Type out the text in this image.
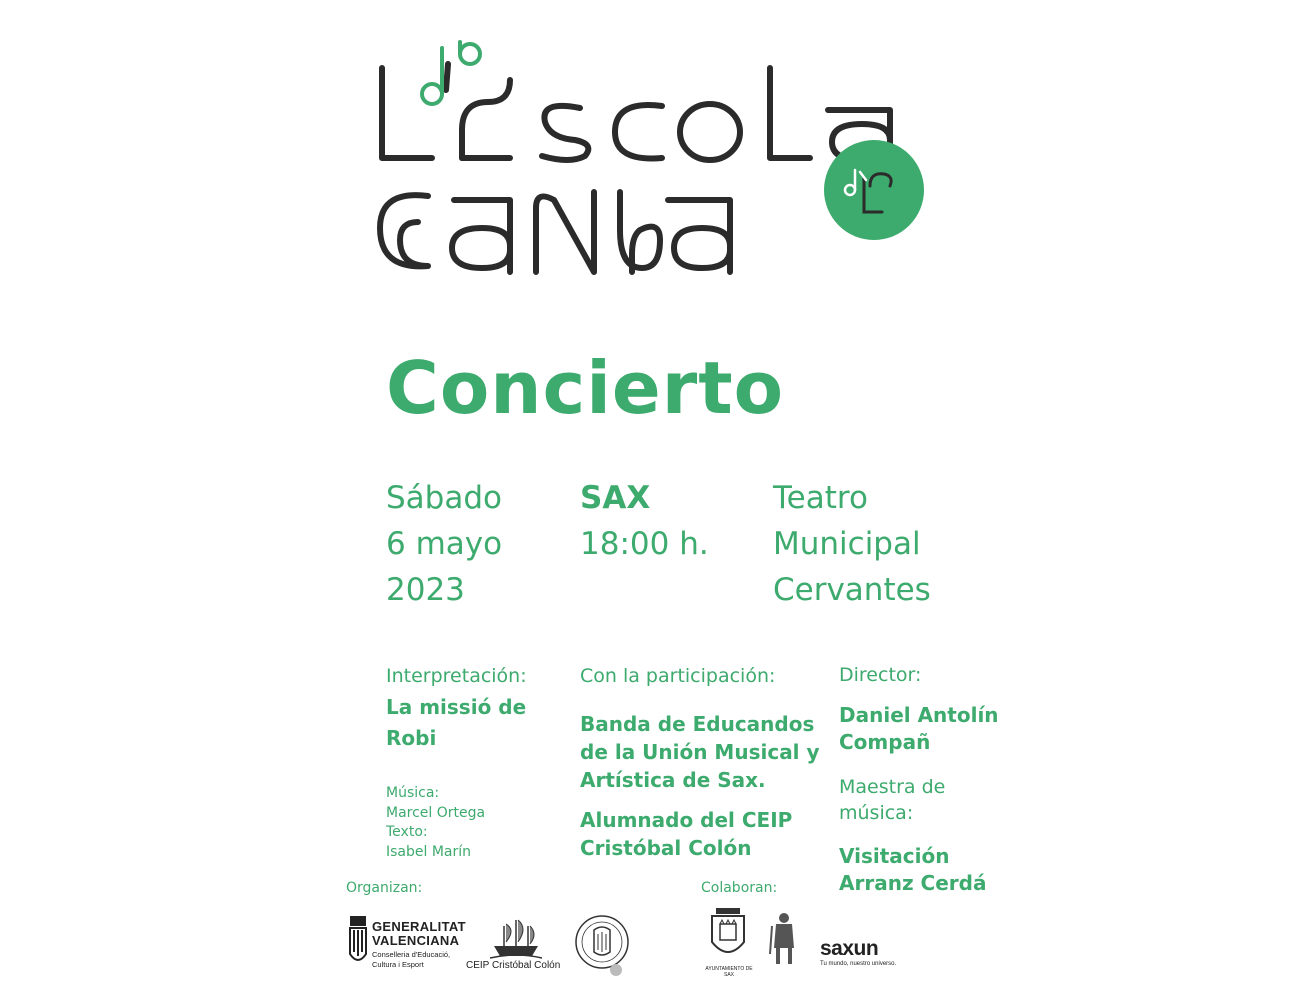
Concierto
Sábado
6 mayo
2023
SAX
18:00 h.
Teatro
Municipal
Cervantes
Interpretación:
La missió de
Robi
Música:
Marcel Ortega
Texto:
Isabel Marín
Con la participación:
Banda de Educandos
de la Unión Musical y
Artística de Sax.
Alumnado del CEIP
Cristóbal Colón
Director:
Daniel Antolín
Compañ
Maestra de
música:
Visitación
Arranz Cerdá
Organizan:
GENERALITAT
VALENCIANA
Conselleria d'Educació,
Cultura i Esport	CEIP Cristóbal Colón
Colaboran:
AYUNTAMIENTO DE SAX
saxun
Tu mundo, nuestro universo.
